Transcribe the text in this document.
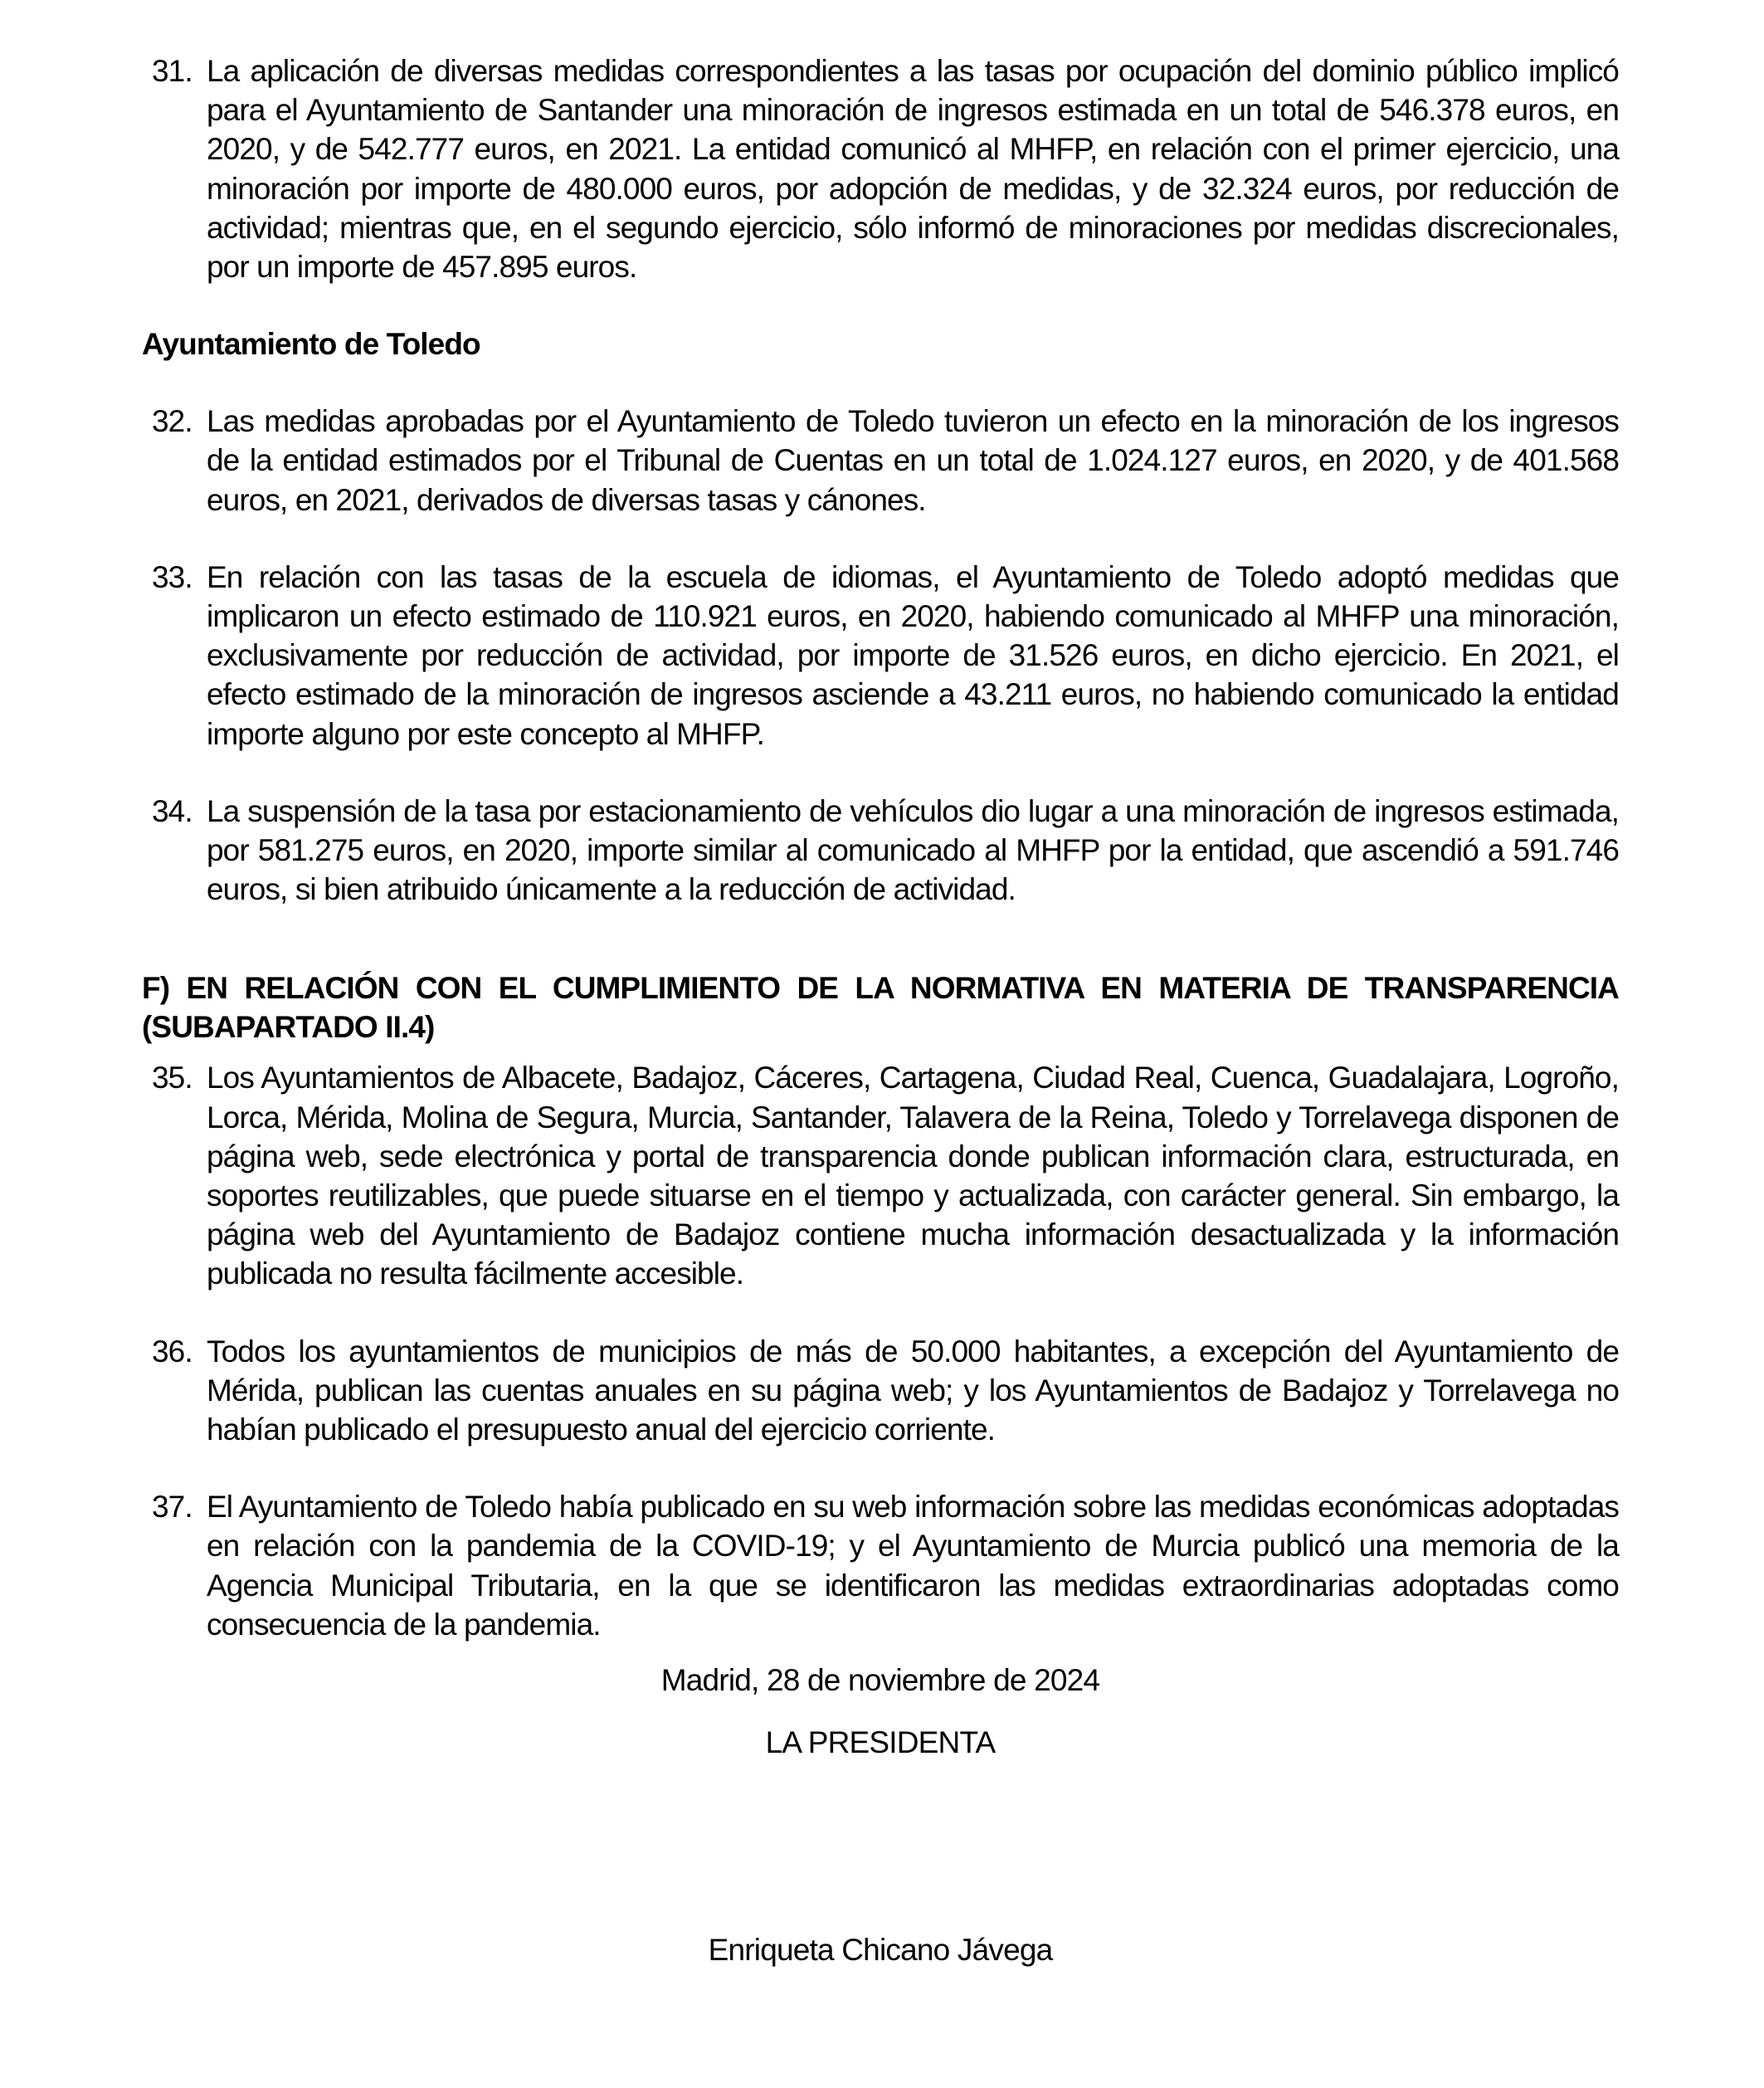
31. La aplicación de diversas medidas correspondientes a las tasas por ocupación del dominio público implicó para el Ayuntamiento de Santander una minoración de ingresos estimada en un total de 546.378 euros, en 2020, y de 542.777 euros, en 2021. La entidad comunicó al MHFP, en relación con el primer ejercicio, una minoración por importe de 480.000 euros, por adopción de medidas, y de 32.324 euros, por reducción de actividad; mientras que, en el segundo ejercicio, sólo informó de minoraciones por medidas discrecionales, por un importe de 457.895 euros.
Ayuntamiento de Toledo
32. Las medidas aprobadas por el Ayuntamiento de Toledo tuvieron un efecto en la minoración de los ingresos de la entidad estimados por el Tribunal de Cuentas en un total de 1.024.127 euros, en 2020, y de 401.568 euros, en 2021, derivados de diversas tasas y cánones.
33. En relación con las tasas de la escuela de idiomas, el Ayuntamiento de Toledo adoptó medidas que implicaron un efecto estimado de 110.921 euros, en 2020, habiendo comunicado al MHFP una minoración, exclusivamente por reducción de actividad, por importe de 31.526 euros, en dicho ejercicio. En 2021, el efecto estimado de la minoración de ingresos asciende a 43.211 euros, no habiendo comunicado la entidad importe alguno por este concepto al MHFP.
34. La suspensión de la tasa por estacionamiento de vehículos dio lugar a una minoración de ingresos estimada, por 581.275 euros, en 2020, importe similar al comunicado al MHFP por la entidad, que ascendió a 591.746 euros, si bien atribuido únicamente a la reducción de actividad.
F) EN RELACIÓN CON EL CUMPLIMIENTO DE LA NORMATIVA EN MATERIA DE TRANSPARENCIA (SUBAPARTADO II.4)
35. Los Ayuntamientos de Albacete, Badajoz, Cáceres, Cartagena, Ciudad Real, Cuenca, Guadalajara, Logroño, Lorca, Mérida, Molina de Segura, Murcia, Santander, Talavera de la Reina, Toledo y Torrelavega disponen de página web, sede electrónica y portal de transparencia donde publican información clara, estructurada, en soportes reutilizables, que puede situarse en el tiempo y actualizada, con carácter general. Sin embargo, la página web del Ayuntamiento de Badajoz contiene mucha información desactualizada y la información publicada no resulta fácilmente accesible.
36. Todos los ayuntamientos de municipios de más de 50.000 habitantes, a excepción del Ayuntamiento de Mérida, publican las cuentas anuales en su página web; y los Ayuntamientos de Badajoz y Torrelavega no habían publicado el presupuesto anual del ejercicio corriente.
37. El Ayuntamiento de Toledo había publicado en su web información sobre las medidas económicas adoptadas en relación con la pandemia de la COVID-19; y el Ayuntamiento de Murcia publicó una memoria de la Agencia Municipal Tributaria, en la que se identificaron las medidas extraordinarias adoptadas como consecuencia de la pandemia.
Madrid, 28 de noviembre de 2024
LA PRESIDENTA
Enriqueta Chicano Jávega
